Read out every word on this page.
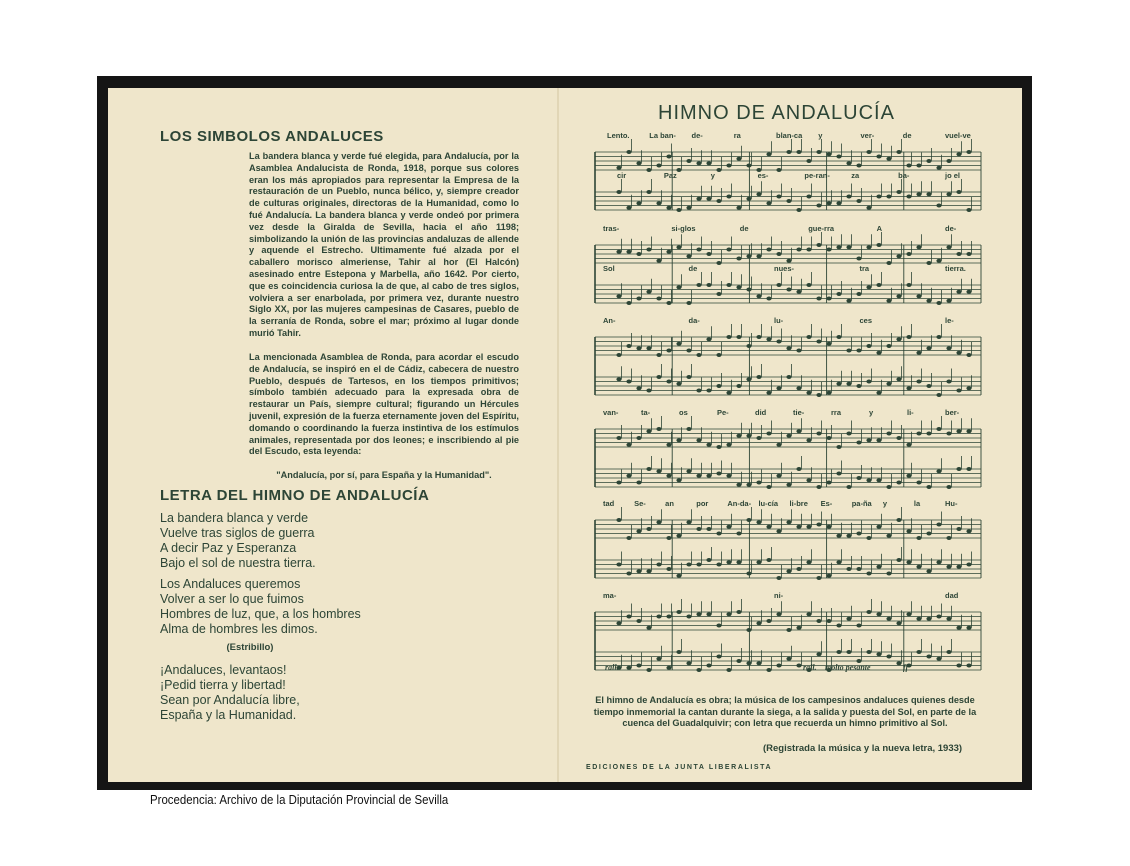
LOS SIMBOLOS ANDALUCES

La bandera blanca y verde fué elegida, para Andalucía, por la Asamblea Andalucista de Ronda, 1918, porque sus colores eran los más apropiados para representar la Empresa de la restauración de un Pueblo, nunca bélico, y, siempre creador de culturas originales, directoras de la Humanidad, como lo fué Andalucía. La bandera blanca y verde ondeó por primera vez desde la Giralda de Sevilla, hacia el año 1198; simbolizando la unión de las provincias andaluzas de allende y aquende el Estrecho. Ultimamente fué alzada por el caballero morisco almeriense, Tahir al hor (El Halcón) asesinado entre Estepona y Marbella, año 1642. Por cierto, que es coincidencia curiosa la de que, al cabo de tres siglos, volviera a ser enarbolada, por primera vez, durante nuestro Siglo XX, por las mujeres campesinas de Casares, pueblo de la serranía de Ronda, sobre el mar; próximo al lugar donde murió Tahir.

La mencionada Asamblea de Ronda, para acordar el escudo de Andalucía, se inspiró en el de Cádiz, cabecera de nuestro Pueblo, después de Tartesos, en los tiempos primitivos; símbolo también adecuado para la expresada obra de restaurar un País, siempre cultural; figurando un Hércules juvenil, expresión de la fuerza eternamente joven del Espíritu, domando o coordinando la fuerza instintiva de los estímulos animales, representada por dos leones; e inscribiendo al pie del Escudo, esta leyenda:

"Andalucía, por sí, para España y la Humanidad".

LETRA DEL HIMNO DE ANDALUCÍA
La bandera blanca y verde
Vuelve tras siglos de guerra
A decir Paz y Esperanza
Bajo el sol de nuestra tierra.
Los Andaluces queremos
Volver a ser lo que fuimos
Hombres de luz, que, a los hombres
Alma de hombres les dimos.
(Estribillo)
¡Andaluces, levantaos!
¡Pedid tierra y libertad!
Sean por Andalucía libre,
España y la Humanidad.
HIMNO DE ANDALUCÍA
Lento.	La ban- de-	ra	blan-ca y	ver-	de	vuel-ve
tras-	si-glos	de	gue-rra	A	de-
An-	da-	lu-	ces	le-
van-	ta-	os	Pe-	did	tie-	rra	y	li-	ber-
tad	Se-	an	por	An-da- lu-cía li-bre Es-	pa-ña y	la	Hu-
ma-	ni-	dad
cir	Paz	y	es-	pe-ran-	za	ba-	jo el
Sol	de	nues-	tra	tierra.
rall.	rall. molto pesante	ff

El himno de Andalucía es obra; la música de los campesinos andaluces quienes desde tiempo inmemorial la cantan durante la siega, a la salida y puesta del Sol, en parte de la cuenca del Guadalquivir; con letra que recuerda un himno primitivo al Sol.

(Registrada la música y la nueva letra, 1933)
EDICIONES DE LA JUNTA LIBERALISTA
Procedencia: Archivo de la Diputación Provincial de Sevilla
